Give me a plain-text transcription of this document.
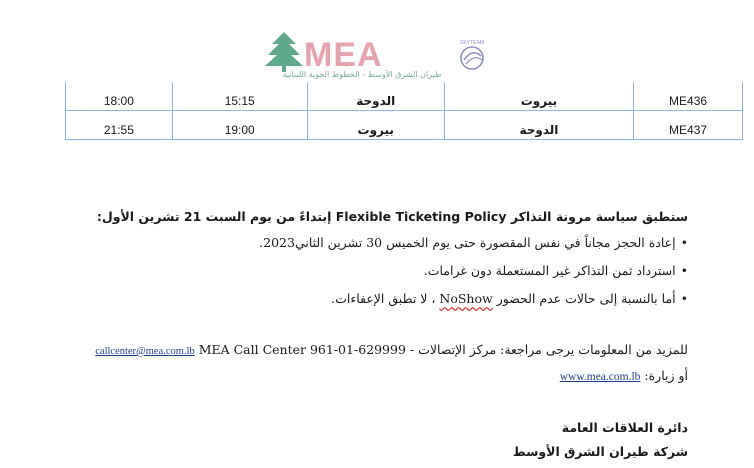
MEA
طيران الشرق الأوسط - الخطوط الجوية اللبنانية
SKYTEAM
18:00	15:15	الدوحة	بيروت	ME436
21:55	19:00	بيروت	الدوحة	ME437
ستطبق سياسة مرونة التذاكر Flexible Ticketing Policy إبتداءً من يوم السبت 21 تشرين الأول:
•إعادة الحجز مجاناً في نفس المقصورة حتى يوم الخميس 30 تشرين الثاني2023.
•استرداد ثمن التذاكر غير المستعملة دون غرامات.
•أما بالنسبة إلى حالات عدم الحضور NoShow ، لا تطبق الإعفاءات.
للمزيد من المعلومات يرجى مراجعة: مركز الإتصالات MEA Call Center 961-01-629999 - callcenter@mea.com.lb
أو زيارة: www.mea.com.lb
دائرة العلاقات العامة
شركة طيران الشرق الأوسط
